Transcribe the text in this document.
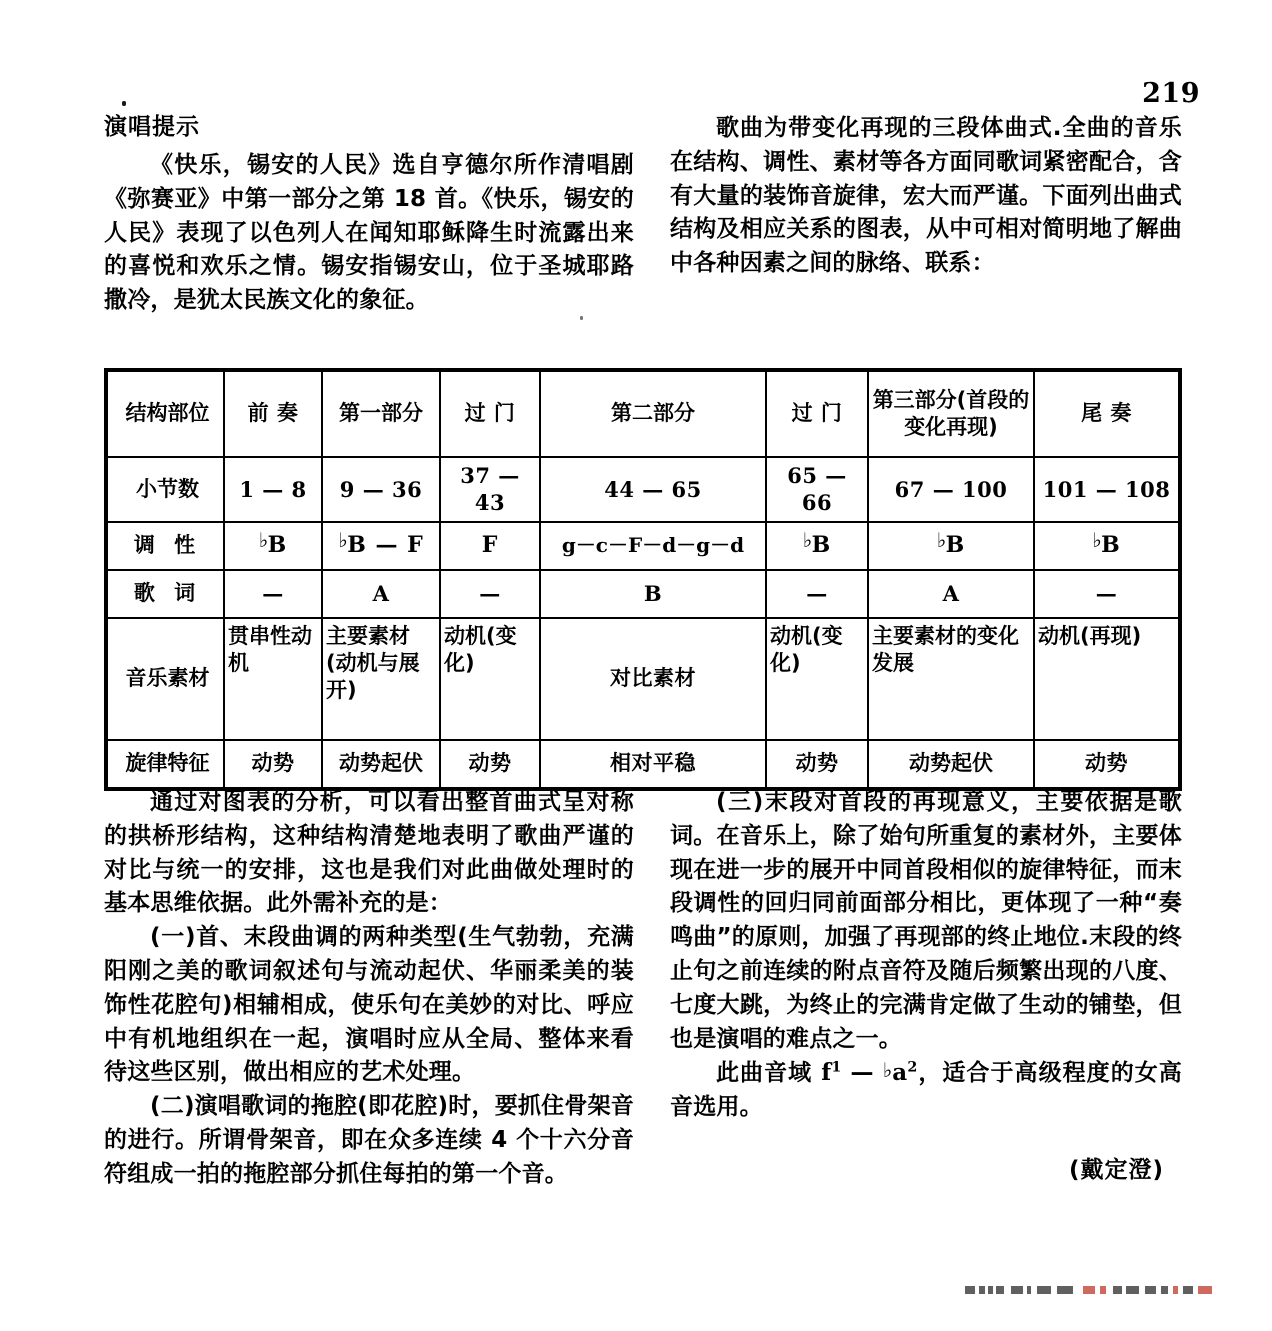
219
演唱提示

《快乐，锡安的人民》选自亨德尔所作清唱剧《弥赛亚》中第一部分之第 18 首。《快乐，锡安的人民》表现了以色列人在闻知耶稣降生时流露出来的喜悦和欢乐之情。锡安指锡安山，位于圣城耶路撒冷，是犹太民族文化的象征。

歌曲为带变化再现的三段体曲式.全曲的音乐在结构、调性、素材等各方面同歌词紧密配合，含有大量的装饰音旋律，宏大而严谨。下面列出曲式结构及相应关系的图表，从中可相对简明地了解曲中各种因素之间的脉络、联系：

结构部位	前 奏	第一部分	过 门	第二部分	过 门	第三部分(首段的变化再现)	尾 奏
小节数	1 — 8	9 — 36	37 — 43	44 — 65	65 — 66	67 — 100	101 — 108
调 性	♭B	♭B — F	F	g－c－F－d－g－d	♭B	♭B	♭B
歌 词	—	A	—	B	—	A	—
音乐素材	贯串性动机	主要素材(动机与展开)	动机(变化)	对比素材	动机(变化)	主要素材的变化发展	动机(再现)
旋律特征	动势	动势起伏	动势	相对平稳	动势	动势起伏	动势

通过对图表的分析，可以看出整首曲式呈对称的拱桥形结构，这种结构清楚地表明了歌曲严谨的对比与统一的安排，这也是我们对此曲做处理时的基本思维依据。此外需补充的是：

(一)首、末段曲调的两种类型(生气勃勃，充满阳刚之美的歌词叙述句与流动起伏、华丽柔美的装饰性花腔句)相辅相成，使乐句在美妙的对比、呼应中有机地组织在一起，演唱时应从全局、整体来看待这些区别，做出相应的艺术处理。

(二)演唱歌词的拖腔(即花腔)时，要抓住骨架音的进行。所谓骨架音，即在众多连续 4 个十六分音符组成一拍的拖腔部分抓住每拍的第一个音。

(三)末段对首段的再现意义，主要依据是歌词。在音乐上，除了始句所重复的素材外，主要体现在进一步的展开中同首段相似的旋律特征，而末段调性的回归同前面部分相比，更体现了一种“奏鸣曲”的原则，加强了再现部的终止地位.末段的终止句之前连续的附点音符及随后频繁出现的八度、七度大跳，为终止的完满肯定做了生动的铺垫，但也是演唱的难点之一。

此曲音域 $f^1$ — $♭a^2$，适合于高级程度的女高音选用。

(戴定澄)
